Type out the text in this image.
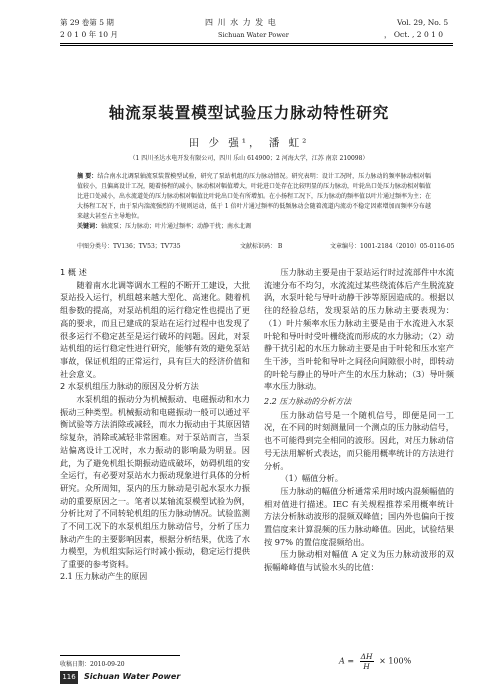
第 29 卷第 5 期
2 0 1 0 年 10 月
四 川 水 力 发 电
Sichuan Water Power
Vol. 29, No. 5
， Oct. , 2 0 1 0
轴流泵装置模型试验压力脉动特性研究
田 少 强¹， 潘 虹²
（1 四川圣达水电开发有限公司，四川 乐山 614900；2 河海大学，江苏 南京 210098）
摘 要：结合南水北调泵轴流泵装置模型试验，研究了泵站机组的压力脉动情况。研究表明：设计工况时，压力脉动的频率脉动相对幅值较小，且偏离设计工况，随着扬程的减小，脉动相对幅值增大，叶轮进口处存在比较明显的压力脉动，叶轮出口处压力脉动相对幅值比进口处减小，出水流道处的压力脉动相对幅值比叶轮出口处有所增加。在小扬程工况下，压力脉动的频率值以叶片通过频率为主；在大扬程工况下，由于泵内湍流强烈的不规则运动，低于 1 倍叶片通过频率的低频脉动会随着流道内流动不稳定因素增加而频率分布越来越大甚至占主导地位。
关键词：轴流泵；压力脉动；叶片通过频率；动静干扰；南水北调
中图分类号：TV136；TV53；TV735	文献标识码： B	文章编号：1001-2184（2010）05-0116-05

1 概 述

随着南水北调等调水工程的不断开工建设，大批泵站投入运行，机组越来越大型化、高速化。随着机组参数的提高，对泵站机组的运行稳定性也提出了更高的要求，而且已建成的泵站在运行过程中也发现了很多运行不稳定甚至是运行破坏的问题。因此，对泵站机组的运行稳定性进行研究，能够有效的避免泵站事故，保证机组的正常运行，具有巨大的经济价值和社会意义。

2 水泵机组压力脉动的原因及分析方法

水泵机组的振动分为机械振动、电磁振动和水力振动三种类型。机械振动和电磁振动一般可以通过平衡试验等方法消除或减轻，而水力振动由于其原因错综复杂，消除或减轻非常困难。对于泵站而言，当泵站偏离设计工况时，水力振动的影响最为明显。因此，为了避免机组长期振动造成破坏，妨碍机组的安全运行，有必要对泵站水力振动现象进行具体的分析研究。众所周知，泵内的压力脉动是引起水泵水力振动的重要原因之一。笔者以某轴流泵模型试验为例，分析比对了不同转轮机组的压力脉动情况。试验监测了不同工况下的水泵机组压力脉动信号，分析了压力脉动产生的主要影响因素，根据分析结果，优选了水力模型，为机组实际运行时减小振动，稳定运行提供了重要的参考资料。

2.1 压力脉动产生的原因

压力脉动主要是由于泵站运行时过流部件中水流流速分布不均匀，水流流过某些绕流体后产生脱流旋涡，水泵叶轮与导叶动静干涉等原因造成的。根据以往的经验总结，发现泵站的压力脉动主要表现为：（1）叶片频率水压力脉动主要是由于水流进入水泵叶轮和导叶时受叶栅绕流而形成的水力脉动；（2）动静干扰引起的水压力脉动主要是由于叶轮和压水室产生干涉，当叶轮和导叶之间径向间隙很小时，即转动的叶轮与静止的导叶产生的水压力脉动；（3）导叶频率水压力脉动。

2.2 压力脉动的分析方法

压力脉动信号是一个随机信号，即便是同一工况，在不同的时刻测量同一个测点的压力脉动信号，也不可能得到完全相同的波形。因此，对压力脉动信号无法用解析式表达，而只能用概率统计的方法进行分析。

（1）幅值分析。

压力脉动的幅值分析通常采用时域内混频幅值的相对值进行描述。IEC 有关规程推荐采用概率统计方法分析脉动波形的混频双峰值；国内外也偏向于按置信度来计算混频的压力脉动峰值。因此，试验结果按 97% 的置信度混频给出。

压力脉动相对幅值 A 定义为压力脉动波形的双振幅峰峰值与试验水头的比值：

$A = \frac{\Delta H}{H} \times 100\%$
收稿日期：2010-09-20
116 Sichuan Water Power
